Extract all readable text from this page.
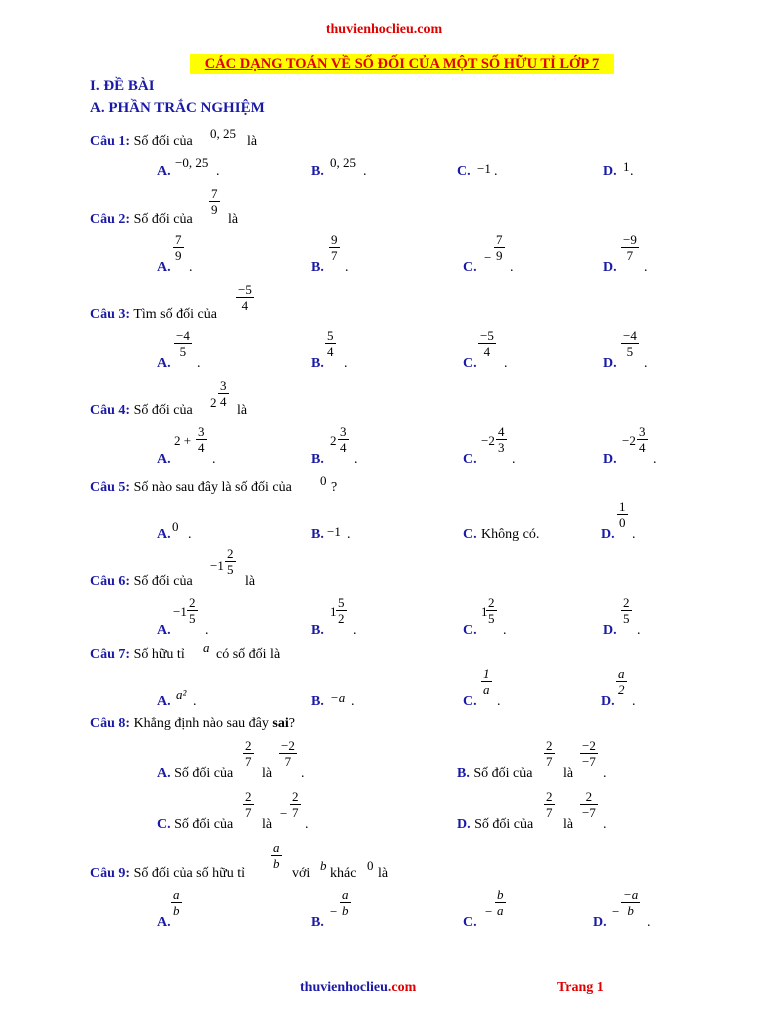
thuvienhoclieu.com
CÁC DẠNG TOÁN VỀ SỐ ĐỐI CỦA MỘT SỐ HỮU TỈ LỚP 7
I. ĐỀ BÀI
A. PHẦN TRẮC NGHIỆM
Câu 1: Số đối của
0, 25
là
A.
−0, 25
.	B.
0, 25
.	C. −1 .	D. 1 .
Câu 2: Số đối của
$\frac{7}{9}$
là
A.
$\frac{7}{9}$
.	B.
$\frac{9}{7}$
.	C.
− $\frac{7}{9}$
.	D.
$\frac{-9}{7}$
.
Câu 3: Tìm số đối của
$\frac{-5}{4}$
A.
$\frac{-4}{5}$
.	B.
$\frac{5}{4}$
.	C.
$\frac{-5}{4}$
.	D.
$\frac{-4}{5}$
.
Câu 4: Số đối của
$2 \frac{3}{4}$
là
A.
$2 + \frac{3}{4}$
.	B.
$2 \frac{3}{4}$
.	C.
$-2 \frac{4}{3}$
.	D.
$-2 \frac{3}{4}$
.
Câu 5: Số nào sau đây là số đối của 0 ?
A.
0
.	B. −1 .	C. Không có.	D.
$\frac{1}{0}$
.
Câu 6: Số đối của
$-1 \frac{2}{5}$
là
A.
$-1 \frac{2}{5}$
.	B.
$1 \frac{5}{2}$
.	C.
1
$\frac{2}{5}$
.	D.
$\frac{2}{5}$
.
Câu 7: Số hữu tỉ a có số đối là
A. a² .	B. −a .	C.
$\frac{1}{a}$
.	D.
$\frac{a}{2}$
.
Câu 8: Khẳng định nào sau đây sai?
A. Số đối của
$\frac{2}{7}$
là
$\frac{-2}{7}$
.	B. Số đối của
$\frac{2}{7}$
là
$\frac{-2}{-7}$
.
C. Số đối của
$\frac{2}{7}$
là
− $\frac{2}{7}$
.	D. Số đối của
$\frac{2}{7}$
là
$\frac{2}{-7}$
.
Câu 9: Số đối của số hữu tỉ
$\frac{a}{b}$
với
b
khác
0
là
A.
$\frac{a}{b}$
B.
− $\frac{a}{b}$
C.
− $\frac{b}{a}$
D.
− $\frac{-a}{b}$
.
thuvienhoclieu.com	Trang 1
